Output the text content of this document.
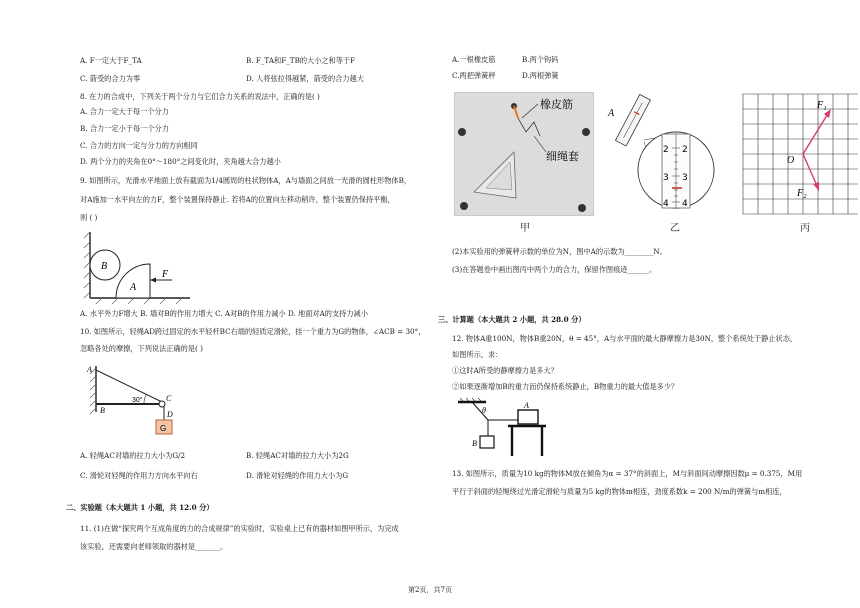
A. F一定大于F_TA	B. F_TA和F_TB的大小之和等于F
C. 箭受的合力为零	D. 人将弦拉得越紧，箭受的合力越大
8. 在力的合成中，下列关于两个分力与它们合力关系的说法中，正确的是( )
A. 合力一定大于每一个分力
B. 合力一定小于每一个分力
C. 合力的方向一定与分力的方向相同
D. 两个分力的夹角在0°～180°之间变化时，夹角越大合力越小
9. 如图所示，光滑水平地面上放有截面为1/4圆周的柱状物体A，A与墙面之间放一光滑的圆柱形物体B，
对A施加一水平向左的力F，整个装置保持静止. 若将A的位置向左移动稍许，整个装置仍保持平衡，
则 ( )
B
A
F
A. 水平外力F增大 B. 墙对B的作用力增大 C. A对B的作用力减小 D. 地面对A的支持力减小
10. 如图所示，轻绳AD跨过固定的水平轻杆BC右端的轻质定滑轮，挂一个重力为G的物体，∠ACB = 30°，
忽略各处的摩擦，下列说法正确的是( )
A
B
C
D
G
30°
A. 轻绳AC对墙的拉力大小为G/2	B. 轻绳AC对墙的拉力大小为2G
C. 滑轮对轻绳的作用力方向水平向右	D. 滑轮对轻绳的作用力大小为G
二、实验题（本大题共 1 小题，共 12.0 分）
11. (1)在做“探究两个互成角度的力的合成规律”的实验时，实验桌上已有的器材如图甲所示，为完成
该实验，还需要向老师领取的器材是_______。
A.一根橡皮筋	B.两个钩码
C.两把弹簧秤	D.两根弹簧
橡皮筋
细绳套
甲
A
2
3
4
2
3
4
乙
O
F₁
F₂
丙
(2)本实验用的弹簧秤示数的单位为N，图中A的示数为________N。
(3)在答题卷中画出图丙中两个力的合力，保留作图痕迹______。
三、计算题（本大题共 2 小题，共 28.0 分）
12. 物体A重100N，物体B重20N，θ = 45°，A与水平面的最大静摩擦力是30N，整个系统处于静止状态，
如图所示，求：
①这时A所受的静摩擦力是多大？
②如果逐渐增加B的重力而仍保持系统静止，B物重力的最大值是多少？
θ
A
B
13. 如图所示，质量为10 kg的物体M放在倾角为α = 37°的斜面上，M与斜面间动摩擦因数μ = 0.375，M用
平行于斜面的轻绳绕过光滑定滑轮与质量为5 kg的物体m相连，劲度系数k = 200 N/m的弹簧与m相连，
第2页，共7页
